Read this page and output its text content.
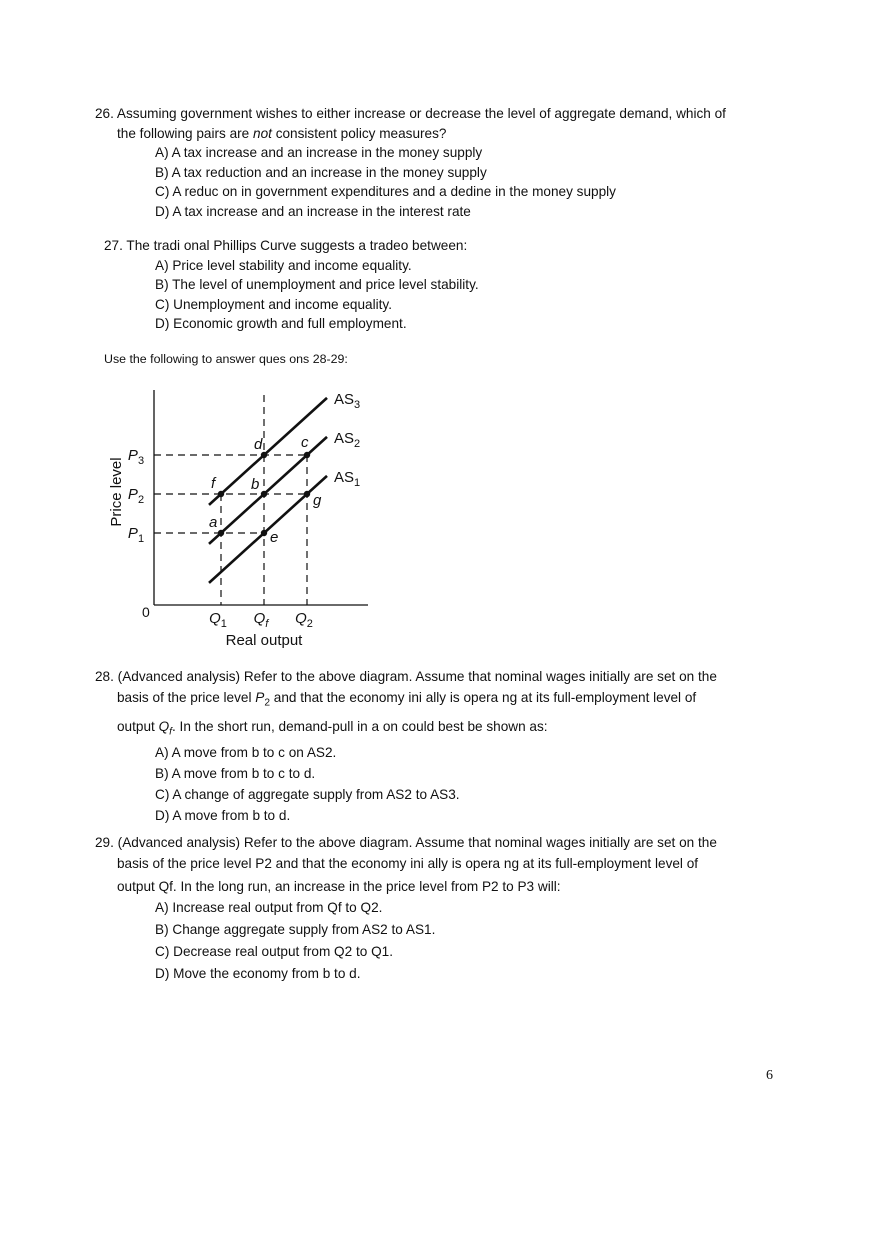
26. Assuming government wishes to either increase or decrease the level of aggregate demand, which of
the following pairs are not consistent policy measures?

A) A tax increase and an increase in the money supply
B) A tax reduction and an increase in the money supply
C) A reduc on in government expenditures and a dedine in the money supply
D) A tax increase and an increase in the interest rate

27. The tradi onal Phillips Curve suggests a tradeo between:

A) Price level stability and income equality.
B) The level of unemployment and price level stability.
C) Unemployment and income equality.
D) Economic growth and full employment.
Use the following to answer ques ons 28-29:
$AS_3$
$AS_2$
$AS_1$
a
f
e
b
d
g
c
$P_1$
$P_2$
$P_3$
$Q_1$ $Q_f$ $Q_2$
0
Real output
Price level

28. (Advanced analysis) Refer to the above diagram. Assume that nominal wages initially are set on the
basis of the price level $P_2$ and that the economy ini ally is opera ng at its full-employment level of
output $Q_f$. In the short run, demand-pull in a on could best be shown as:

A) A move from b to c on AS2.
B) A move from b to c to d.
C) A change of aggregate supply from AS2 to AS3.
D) A move from b to d.

29. (Advanced analysis) Refer to the above diagram. Assume that nominal wages initially are set on the
basis of the price level P2 and that the economy ini ally is opera ng at its full-employment level of
output Qf. In the long run, an increase in the price level from P2 to P3 will:

A) Increase real output from Qf to Q2.
B) Change aggregate supply from AS2 to AS1.
C) Decrease real output from Q2 to Q1.
D) Move the economy from b to d.
6
